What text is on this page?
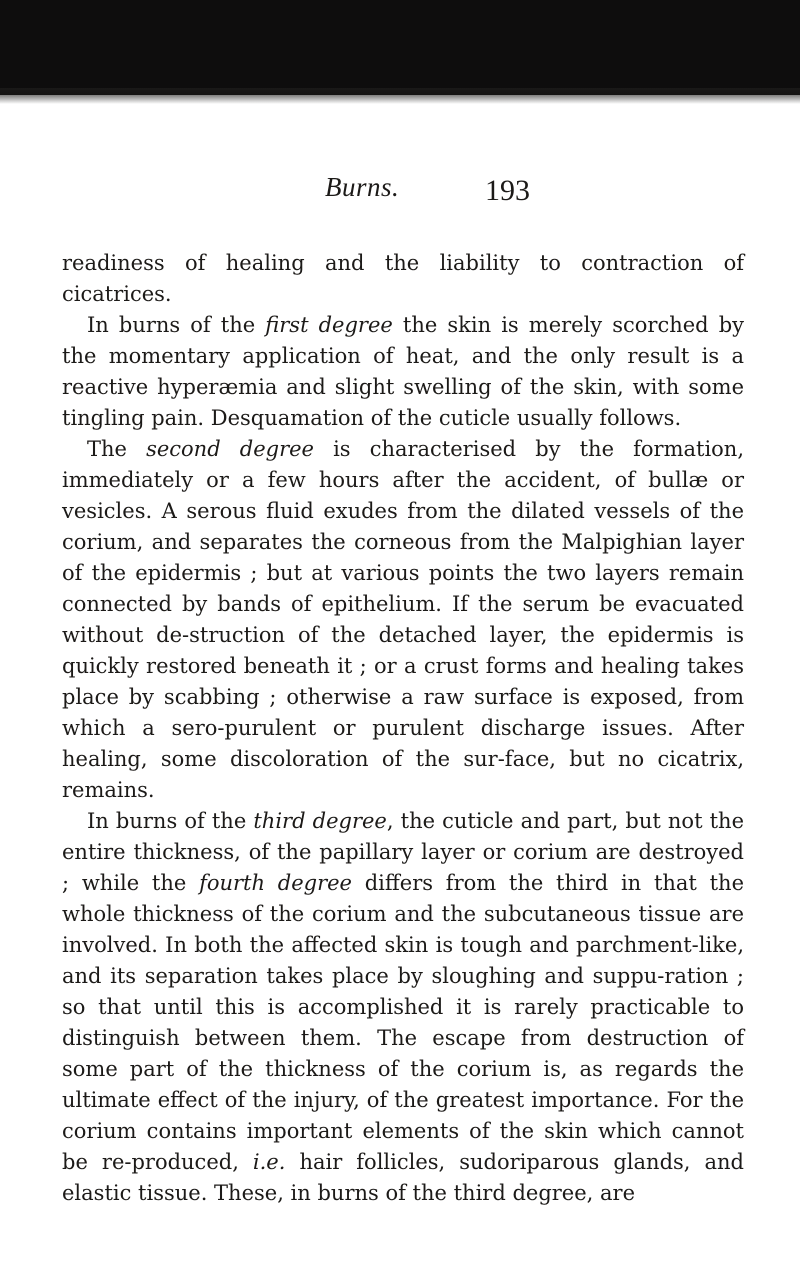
Burns.	193

readiness of healing and the liability to contraction of cicatrices.

In burns of the first degree the skin is merely scorched by the momentary application of heat, and the only result is a reactive hyperæmia and slight swelling of the skin, with some tingling pain. Desquamation of the cuticle usually follows.

The second degree is characterised by the formation, immediately or a few hours after the accident, of bullæ or vesicles. A serous fluid exudes from the dilated vessels of the corium, and separates the corneous from the Malpighian layer of the epidermis ; but at various points the two layers remain connected by bands of epithelium. If the serum be evacuated without de-struction of the detached layer, the epidermis is quickly restored beneath it ; or a crust forms and healing takes place by scabbing ; otherwise a raw surface is exposed, from which a sero-purulent or purulent discharge issues. After healing, some discoloration of the sur-face, but no cicatrix, remains.

In burns of the third degree, the cuticle and part, but not the entire thickness, of the papillary layer or corium are destroyed ; while the fourth degree differs from the third in that the whole thickness of the corium and the subcutaneous tissue are involved. In both the affected skin is tough and parchment-like, and its separation takes place by sloughing and suppu-ration ; so that until this is accomplished it is rarely practicable to distinguish between them. The escape from destruction of some part of the thickness of the corium is, as regards the ultimate effect of the injury, of the greatest importance. For the corium contains important elements of the skin which cannot be re-produced, i.e. hair follicles, sudoriparous glands, and elastic tissue. These, in burns of the third degree, are
